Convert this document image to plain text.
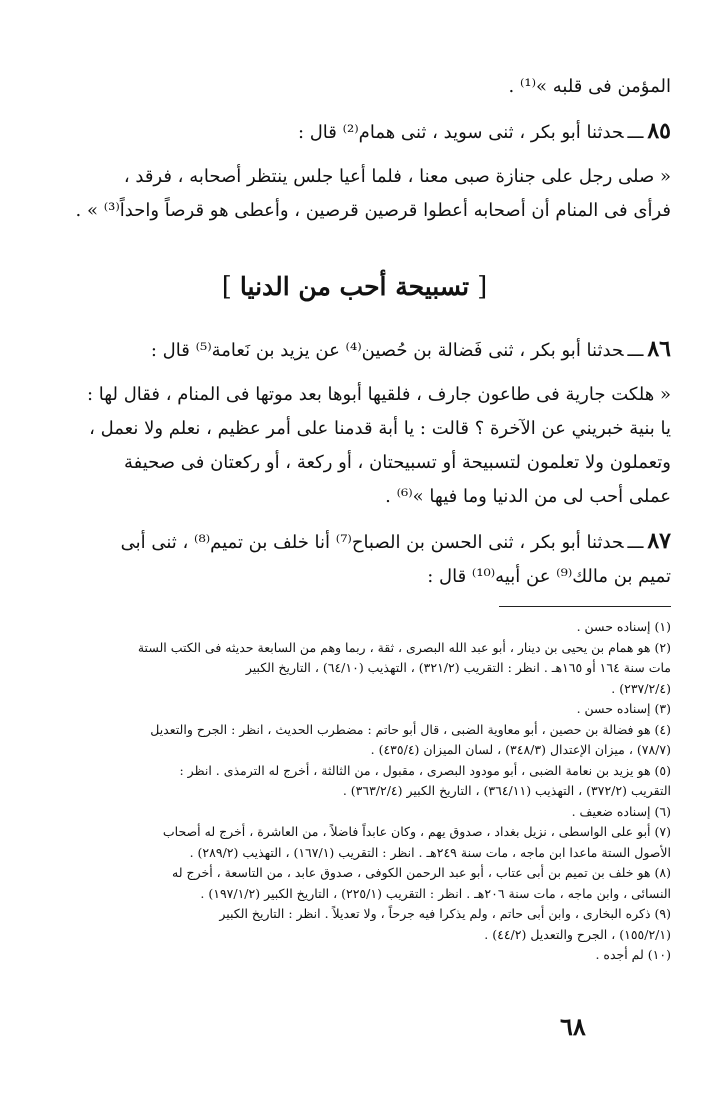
المؤمن فى قلبه »⁽¹⁾ .

٨٥ـــحدثنا أبو بكر ، ثنى سويد ، ثنى همام⁽²⁾ قال :

« صلى رجل على جنازة صبى معنا ، فلما أعيا جلس ينتظر أصحابه ، فرقد ،

فرأى فى المنام أن أصحابه أعطوا قرصين قرصين ، وأعطى هو قرصاً واحداً⁽³⁾ » .

[تسبيحة أحب من الدنيا]

٨٦ـــحدثنا أبو بكر ، ثنى فَضالة بن حُصين⁽⁴⁾ عن يزيد بن نَعامة⁽⁵⁾ قال :

« هلكت جارية فى طاعون جارف ، فلقيها أبوها بعد موتها فى المنام ، فقال لها :

يا بنية خبريني عن الآخرة ؟ قالت : يا أبة قدمنا على أمر عظيم ، نعلم ولا نعمل ،

وتعملون ولا تعلمون لتسبيحة أو تسبيحتان ، أو ركعة ، أو ركعتان فى صحيفة

عملى أحب لى من الدنيا وما فيها »⁽⁶⁾ .

٨٧ـــحدثنا أبو بكر ، ثنى الحسن بن الصباح⁽⁷⁾ أنا خلف بن تميم⁽⁸⁾ ، ثنى أبى

تميم بن مالك⁽⁹⁾ عن أبيه⁽¹⁰⁾ قال :

(١) إسناده حسن .

(٢) هو همام بن يحيى بن دينار ، أبو عبد الله البصرى ، ثقة ، ربما وهم من السابعة حديثه فى الكتب الستة

مات سنة ١٦٤ أو ١٦٥هـ . انظر : التقريب (٣٢١/٢) ، التهذيب (٦٤/١٠) ، التاريخ الكبير

(٢٣٧/٢/٤) .

(٣) إسناده حسن .

(٤) هو فضالة بن حصين ، أبو معاوية الضبى ، قال أبو حاتم : مضطرب الحديث ، انظر : الجرح والتعديل

(٧٨/٧) ، ميزان الإعتدال (٣٤٨/٣) ، لسان الميزان (٤٣٥/٤) .

(٥) هو يزيد بن نعامة الضبى ، أبو مودود البصرى ، مقبول ، من الثالثة ، أخرج له الترمذى . انظر :

التقريب (٣٧٢/٢) ، التهذيب (٣٦٤/١١) ، التاريخ الكبير (٣٦٣/٢/٤) .

(٦) إسناده ضعيف .

(٧) أبو على الواسطى ، نزيل بغداد ، صدوق يهم ، وكان عابداً فاضلاً ، من العاشرة ، أخرج له أصحاب

الأصول الستة ماعدا ابن ماجه ، مات سنة ٢٤٩هـ . انظر : التقريب (١٦٧/١) ، التهذيب (٢٨٩/٢) .

(٨) هو خلف بن تميم بن أبى عتاب ، أبو عبد الرحمن الكوفى ، صدوق عابد ، من التاسعة ، أخرج له

النسائى ، وابن ماجه ، مات سنة ٢٠٦هـ . انظر : التقريب (٢٢٥/١) ، التاريخ الكبير (١٩٧/١/٢) .

(٩) ذكره البخارى ، وابن أبى حاتم ، ولم يذكرا فيه جرحاً ، ولا تعديلاً . انظر : التاريخ الكبير

(١٥٥/٢/١) ، الجرح والتعديل (٤٤/٢) .

(١٠) لم أجده .

٦٨
